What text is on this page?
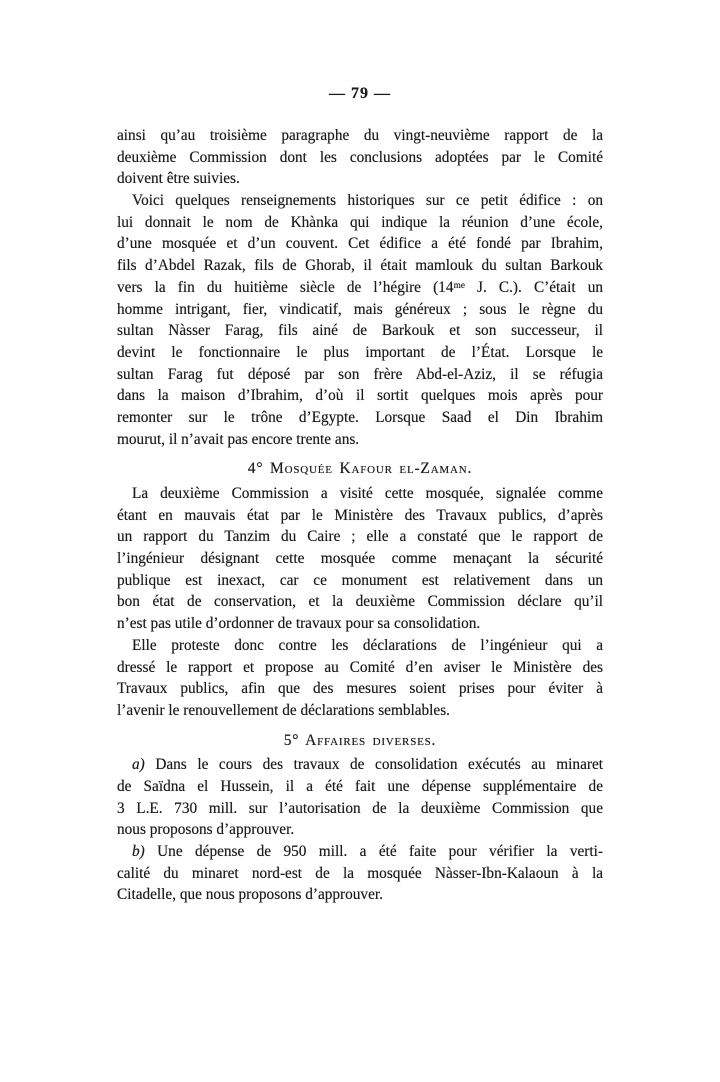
— 79 —
ainsi qu’au troisième paragraphe du vingt-neuvième rapport de la
deuxième Commission dont les conclusions adoptées par le Comité
doivent être suivies.
Voici quelques renseignements historiques sur ce petit édifice : on
lui donnait le nom de Khànka qui indique la réunion d’une école,
d’une mosquée et d’un couvent. Cet édifice a été fondé par Ibrahim,
fils d’Abdel Razak, fils de Ghorab, il était mamlouk du sultan Barkouk
vers la fin du huitième siècle de l’hégire (14ᵐᵉ J. C.). C’était un
homme intrigant, fier, vindicatif, mais généreux ; sous le règne du
sultan Nàsser Farag, fils ainé de Barkouk et son successeur, il
devint le fonctionnaire le plus important de l’État. Lorsque le
sultan Farag fut déposé par son frère Abd-el-Aziz, il se réfugia
dans la maison d’Ibrahim, d’où il sortit quelques mois après pour
remonter sur le trône d’Egypte. Lorsque Saad el Din Ibrahim
mourut, il n’avait pas encore trente ans.
4° Mosquée Kafour el-Zaman.
La deuxième Commission a visité cette mosquée, signalée comme
étant en mauvais état par le Ministère des Travaux publics, d’après
un rapport du Tanzim du Caire ; elle a constaté que le rapport de
l’ingénieur désignant cette mosquée comme menaçant la sécurité
publique est inexact, car ce monument est relativement dans un
bon état de conservation, et la deuxième Commission déclare qu’il
n’est pas utile d’ordonner de travaux pour sa consolidation.
Elle proteste donc contre les déclarations de l’ingénieur qui a
dressé le rapport et propose au Comité d’en aviser le Ministère des
Travaux publics, afin que des mesures soient prises pour éviter à
l’avenir le renouvellement de déclarations semblables.
5° Affaires diverses.
a) Dans le cours des travaux de consolidation exécutés au minaret
de Saïdna el Hussein, il a été fait une dépense supplémentaire de
3 L.E. 730 mill. sur l’autorisation de la deuxième Commission que
nous proposons d’approuver.
b) Une dépense de 950 mill. a été faite pour vérifier la verti-
calité du minaret nord-est de la mosquée Nàsser-Ibn-Kalaoun à la
Citadelle, que nous proposons d’approuver.
